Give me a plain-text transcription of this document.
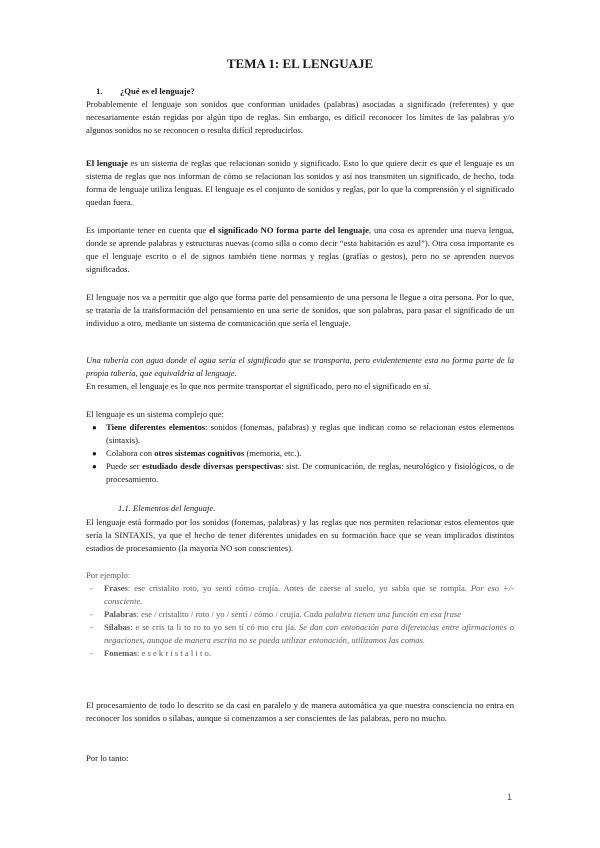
TEMA 1: EL LENGUAJE
1. ¿Qué es el lenguaje?
Probablemente el lenguaje son sonidos que conforman unidades (palabras) asociadas a significado (referentes) y que necesariamente están regidas por algún tipo de reglas. Sin embargo, es difícil reconocer los límites de las palabras y/o algunos sonidos no se reconocen o resulta difícil reproducirlos.
El lenguaje es un sistema de reglas que relacionan sonido y significado. Esto lo que quiere decir es que el lenguaje es un sistema de reglas que nos informan de cómo se relacionan los sonidos y así nos transmiten un significado, de hecho, toda forma de lenguaje utiliza lenguas. El lenguaje es el conjunto de sonidos y reglas, por lo que la comprensión y el significado quedan fuera.
Es importante tener en cuenta que el significado NO forma parte del lenguaje, una cosa es aprender una nueva lengua, donde se aprende palabras y estructuras nuevas (como silla o como decir “esta habitación es azul”). Otra cosa importante es que el lenguaje escrito o el de signos también tiene normas y reglas (grafías o gestos), pero no se aprenden nuevos significados.
El lenguaje nos va a permitir que algo que forma parte del pensamiento de una persona le llegue a otra persona. Por lo que, se trataría de la transformación del pensamiento en una serie de sonidos, que son palabras, para pasar el significado de un individuo a otro, mediante un sistema de comunicación que sería el lenguaje.
Una tubería con agua donde el agua sería el significado que se transporta, pero evidentemente esta no forma parte de la propia tubería, que equivaldría al lenguaje.
En resumen, el lenguaje es lo que nos permite transportar el significado, pero no el significado en sí.
El lenguaje es un sistema complejo que:
● Tiene diferentes elementos: sonidos (fonemas, palabras) y reglas que indican como se relacionan estos elementos (sintaxis).
● Colabora con otros sistemas cognitivos (memoria, etc.).
● Puede ser estudiado desde diversas perspectivas: sist. De comunicación, de reglas, neurológico y fisiológicos, o de procesamiento.
1.1. Elementos del lenguaje.
El lenguaje está formado por los sonidos (fonemas, palabras) y las reglas que nos permiten relacionar estos elementos que sería la SINTAXIS, ya que el hecho de tener diferentes unidades en su formación hace que se vean implicados distintos estadios de procesamiento (la mayoría NO son conscientes).
Por ejemplo:
- Frases: ese cristalito roto, yo sentí cómo crujía. Antes de caerse al suelo, yo sabía que se rompía. Por eso +/- consciente.
- Palabras: ese / cristalito / roto / yo / sentí / cómo / crujía. Cada palabra tienen una función en esa frase
- Sílabas: e se cris ta li to ro to yo sen tí có mo cru jía. Se dan con entonación para diferencias entre afirmaciones o negaciones, aunque de manera escrita no se pueda utilizar entonación, utilizamos las comas.
- Fonemas: e s e k r i s t a l i t o.
El procesamiento de todo lo descrito se da casi en paralelo y de manera automática ya que nuestra consciencia no entra en reconocer los sonidos o sílabas, aunque sí comenzamos a ser conscientes de las palabras, pero no mucho.
Por lo tanto:
1
